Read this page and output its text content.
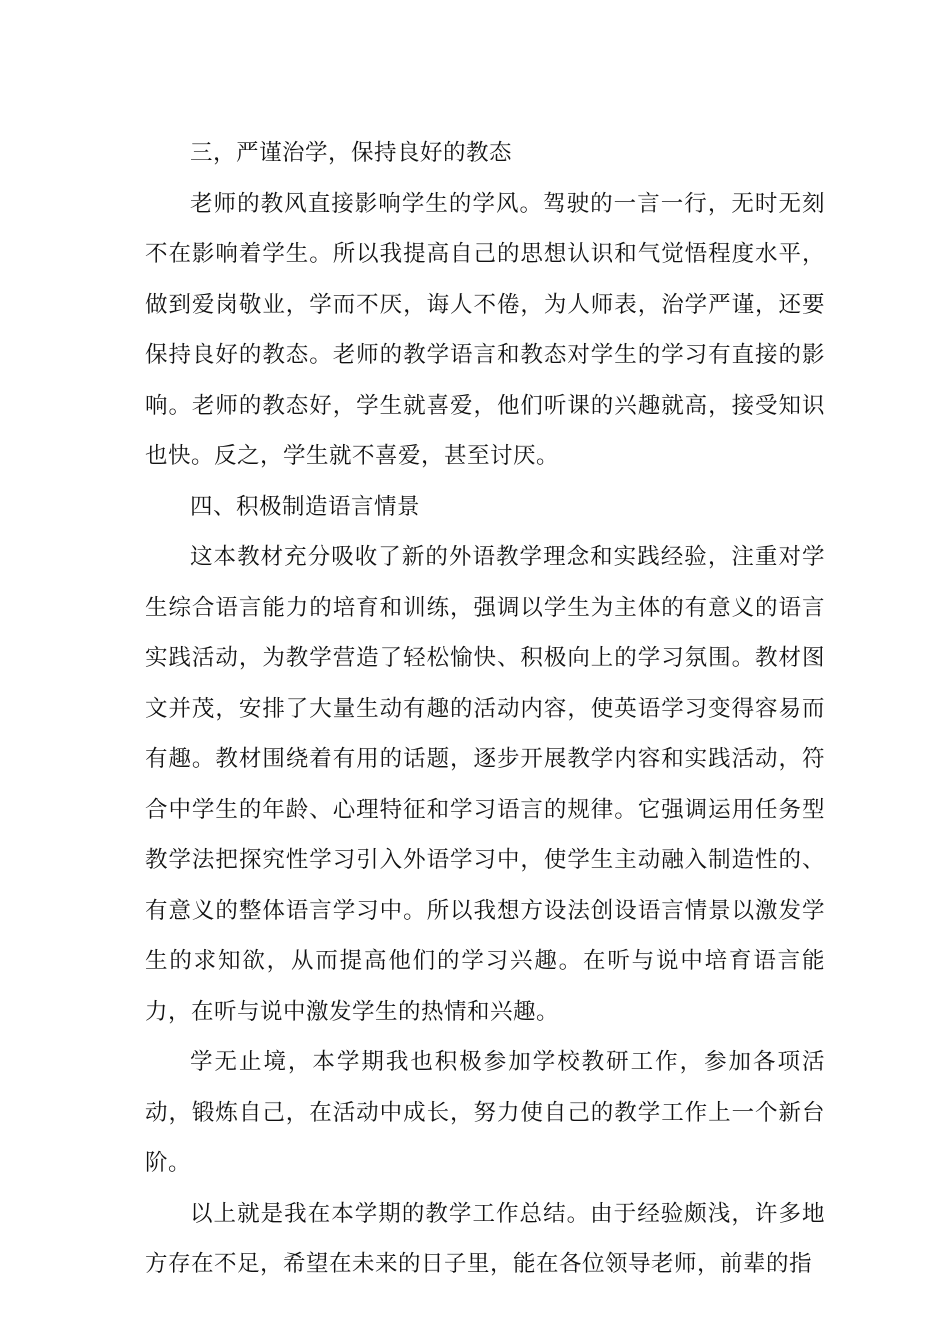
三，严谨治学，保持良好的教态

老师的教风直接影响学生的学风。驾驶的一言一行，无时无刻不在影响着学生。所以我提高自己的思想认识和气觉悟程度水平，做到爱岗敬业，学而不厌，诲人不倦，为人师表，治学严谨，还要保持良好的教态。老师的教学语言和教态对学生的学习有直接的影响。老师的教态好，学生就喜爱，他们听课的兴趣就高，接受知识也快。反之，学生就不喜爱，甚至讨厌。

四、积极制造语言情景

这本教材充分吸收了新的外语教学理念和实践经验，注重对学生综合语言能力的培育和训练，强调以学生为主体的有意义的语言实践活动，为教学营造了轻松愉快、积极向上的学习氛围。教材图文并茂，安排了大量生动有趣的活动内容，使英语学习变得容易而有趣。教材围绕着有用的话题，逐步开展教学内容和实践活动，符合中学生的年龄、心理特征和学习语言的规律。它强调运用任务型教学法把探究性学习引入外语学习中，使学生主动融入制造性的、有意义的整体语言学习中。所以我想方设法创设语言情景以激发学生的求知欲，从而提高他们的学习兴趣。在听与说中培育语言能力，在听与说中激发学生的热情和兴趣。

学无止境，本学期我也积极参加学校教研工作，参加各项活动，锻炼自己，在活动中成长，努力使自己的教学工作上一个新台阶。

以上就是我在本学期的教学工作总结。由于经验颇浅，许多地方存在不足，希望在未来的日子里，能在各位领导老师，前辈的指
